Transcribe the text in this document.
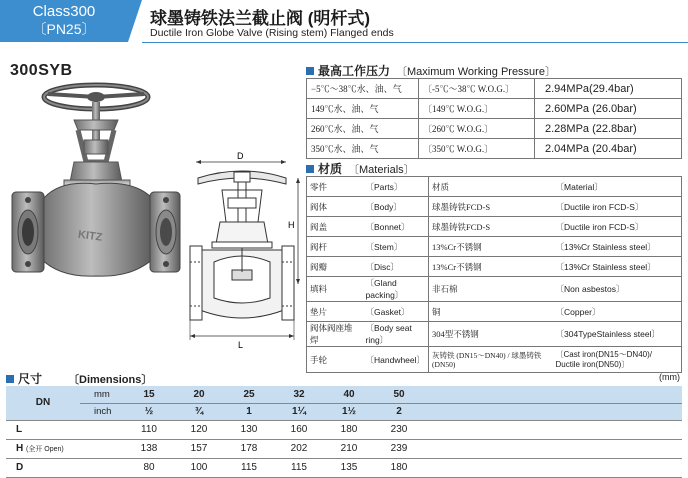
Class300
〔PN25〕
球墨铸铁法兰截止阀 (明杆式)
Ductile Iron Globe Valve (Rising stem) Flanged ends
300SYB
KITZ
D
H
L
最高工作压力 〔Maximum Working Pressure〕
−5℃～38℃水、油、气	〔-5℃～38℃ W.O.G.〕	2.94MPa(29.4bar)
149℃水、油、气	〔149℃ W.O.G.〕	2.60MPa (26.0bar)
260℃水、油、气	〔260℃ W.O.G.〕	2.28MPa (22.8bar)
350℃水、油、气	〔350℃ W.O.G.〕	2.04MPa (20.4bar)
材质 〔Materials〕
零件	〔Parts〕	材质	〔Material〕
阀体	〔Body〕	球墨铸铁FCD-S	〔Ductile iron FCD-S〕
阀盖	〔Bonnet〕	球墨铸铁FCD-S	〔Ductile iron FCD-S〕
阀杆	〔Stem〕	13%Cr不锈钢	〔13%Cr Stainless steel〕
阀瓣	〔Disc〕	13%Cr不锈钢	〔13%Cr Stainless steel〕
填料	〔Gland packing〕	非石棉	〔Non asbestos〕
垫片	〔Gasket〕	铜	〔Copper〕
阀体阀座堆焊	〔Body seat ring〕	304型不锈钢	〔304TypeStainless steel〕
手轮	〔Handwheel〕	灰铸铁 (DN15～DN40) / 球墨铸铁 (DN50)	〔Cast iron(DN15～DN40)/ Ductile iron(DN50)〕
尺寸 〔Dimensions〕	(mm)
DN	mm	15	20	25	32	40	50	
	inch	½	¾	1	1¼	1½	2	
L		110	120	130	160	180	230	
H (全开 Open)		138	157	178	202	210	239	
D		80	100	115	115	135	180	
